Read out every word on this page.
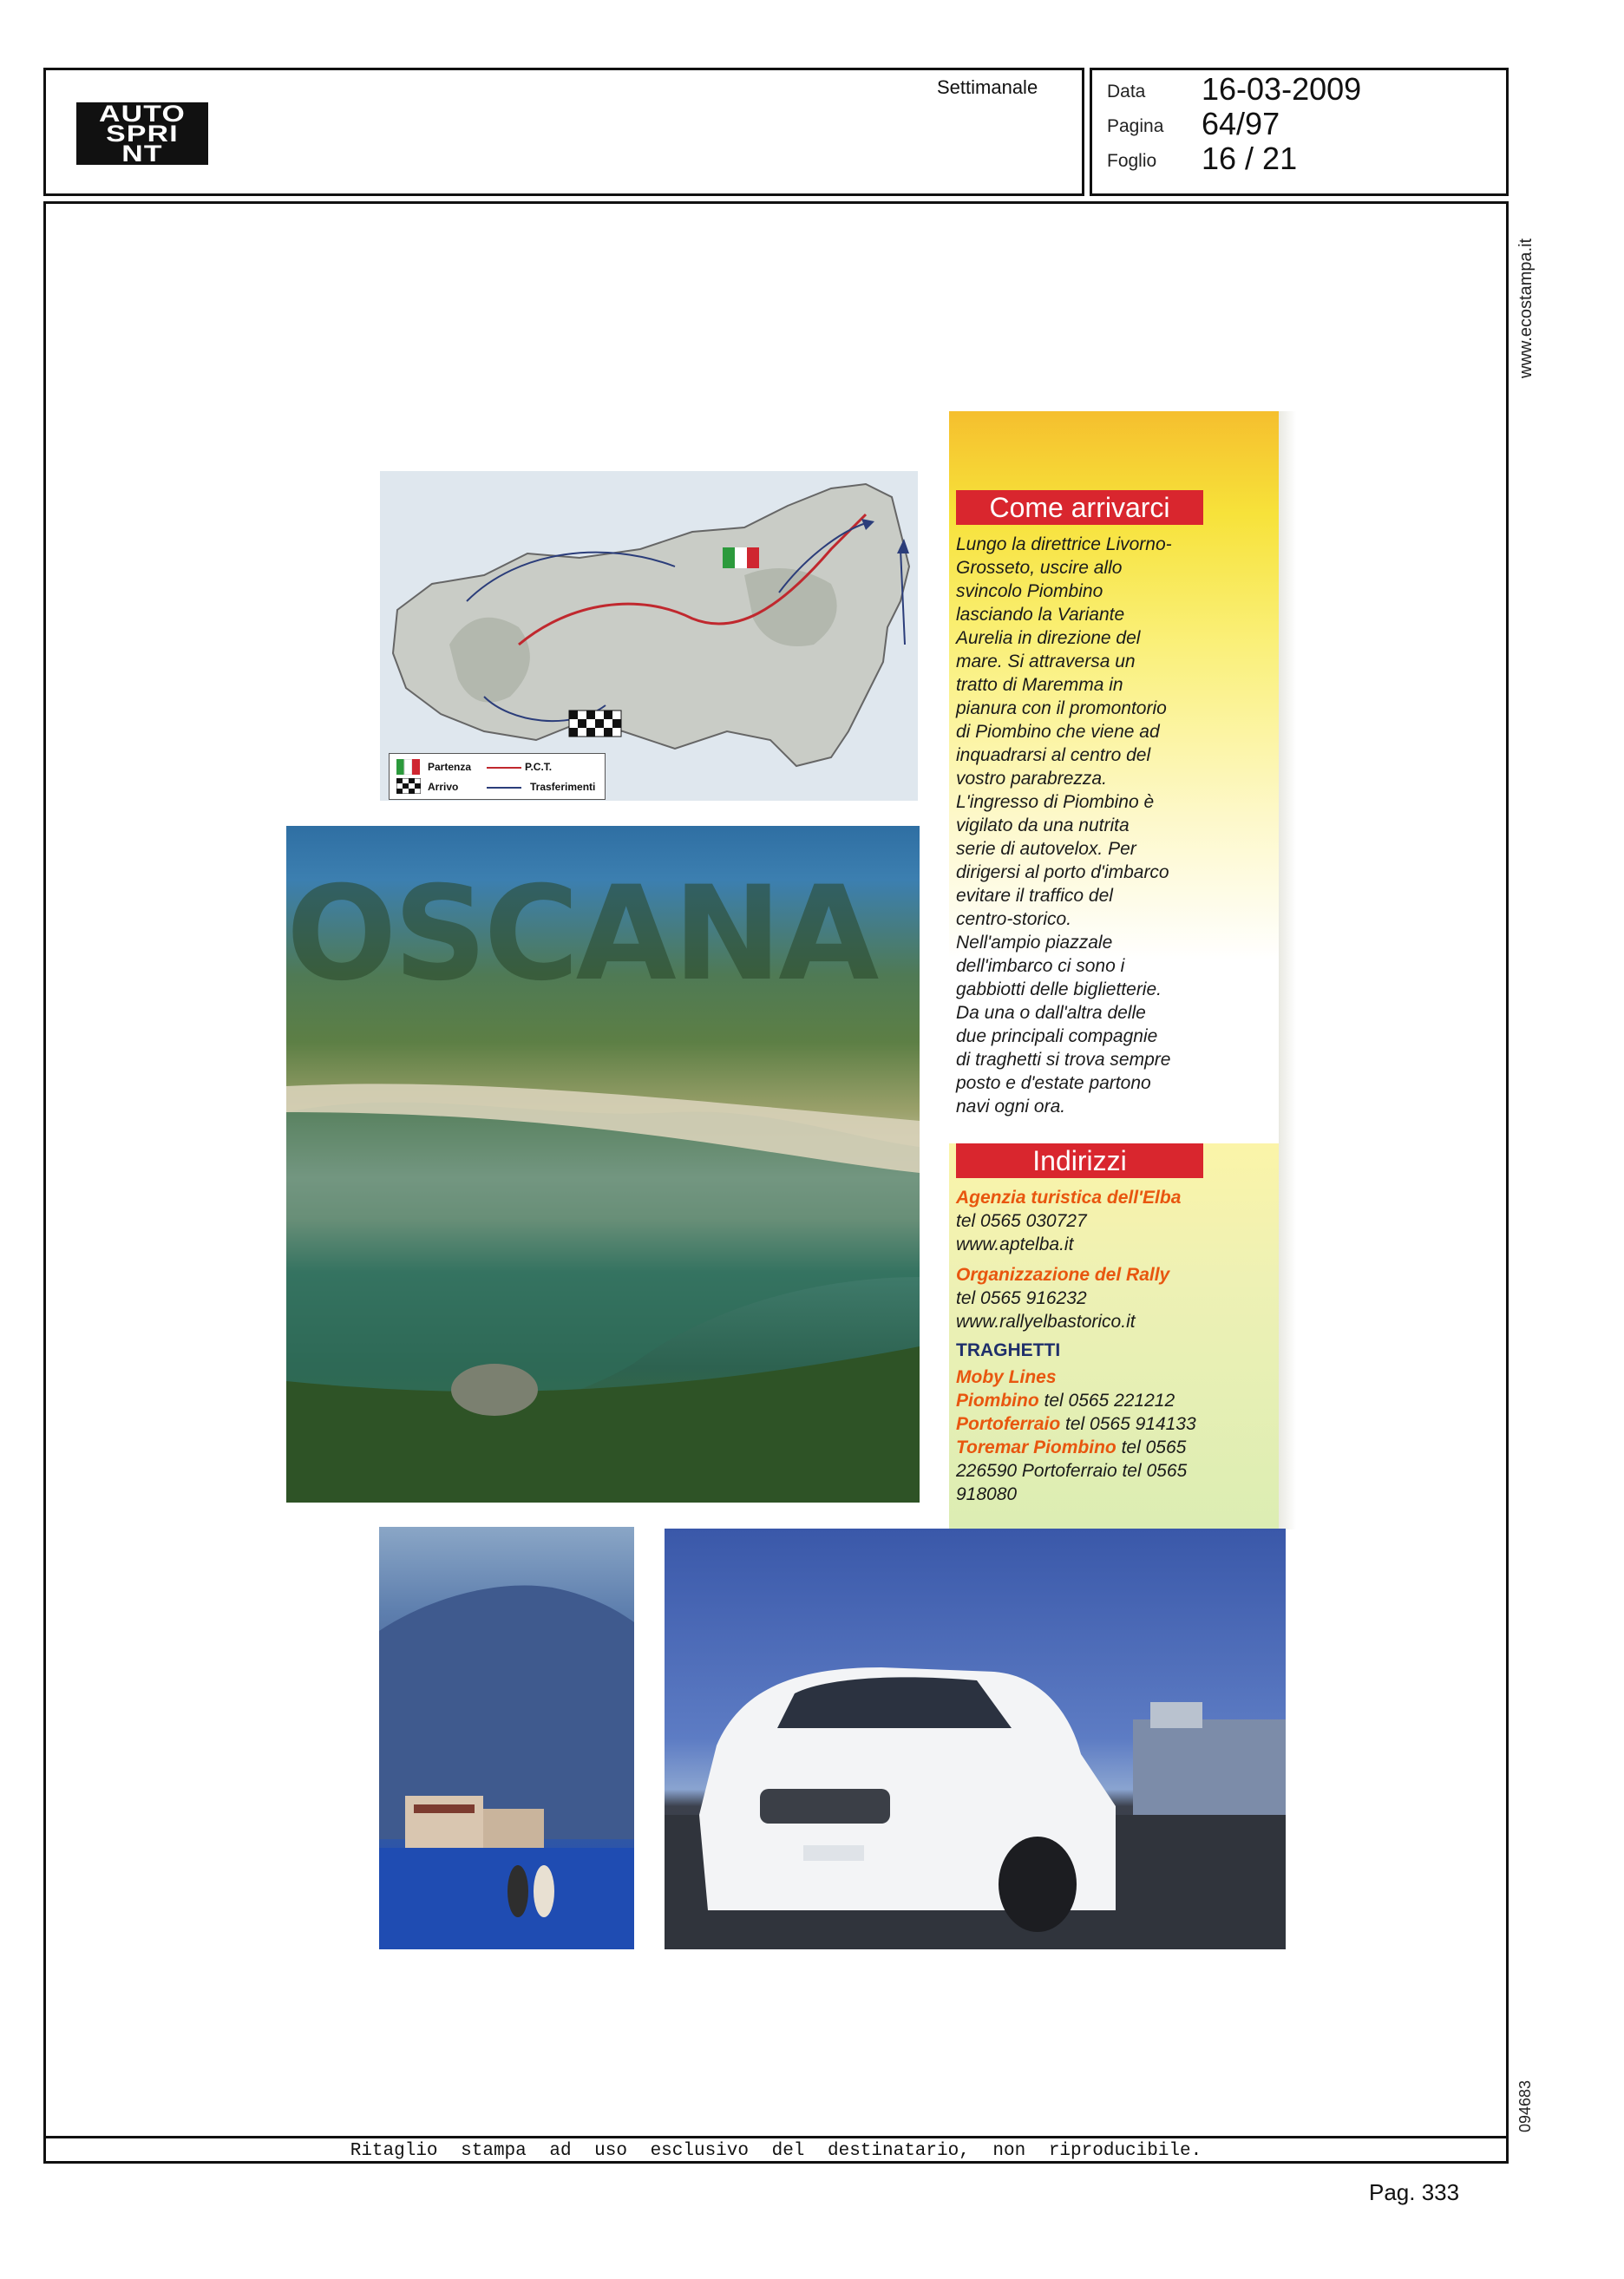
AUTO
SPRI
NT
Settimanale	Data 16-03-2009
Pagina 64/97
Foglio 16 / 21
www.ecostampa.it
094683
Partenza
Arrivo
P.C.T.
Trasferimenti
OSCANA
Come arrivarci
Lungo la direttrice Livorno-
Grosseto, uscire allo
svincolo Piombino
lasciando la Variante
Aurelia in direzione del
mare. Si attraversa un
tratto di Maremma in
pianura con il promontorio
di Piombino che viene ad
inquadrarsi al centro del
vostro parabrezza.
L'ingresso di Piombino è
vigilato da una nutrita
serie di autovelox. Per
dirigersi al porto d'imbarco
evitare il traffico del
centro-storico.
Nell'ampio piazzale
dell'imbarco ci sono i
gabbiotti delle biglietterie.
Da una o dall'altra delle
due principali compagnie
di traghetti si trova sempre
posto e d'estate partono
navi ogni ora.
Indirizzi
Agenzia turistica dell'Elba
tel 0565 030727
www.aptelba.it
Organizzazione del Rally
tel 0565 916232
www.rallyelbastorico.it
TRAGHETTI
Moby Lines
Piombino tel 0565 221212
Portoferraio tel 0565 914133
Toremar Piombino tel 0565
226590 Portoferraio tel 0565
918080
Ritaglio stampa ad uso esclusivo del destinatario, non riproducibile.
Pag. 333
